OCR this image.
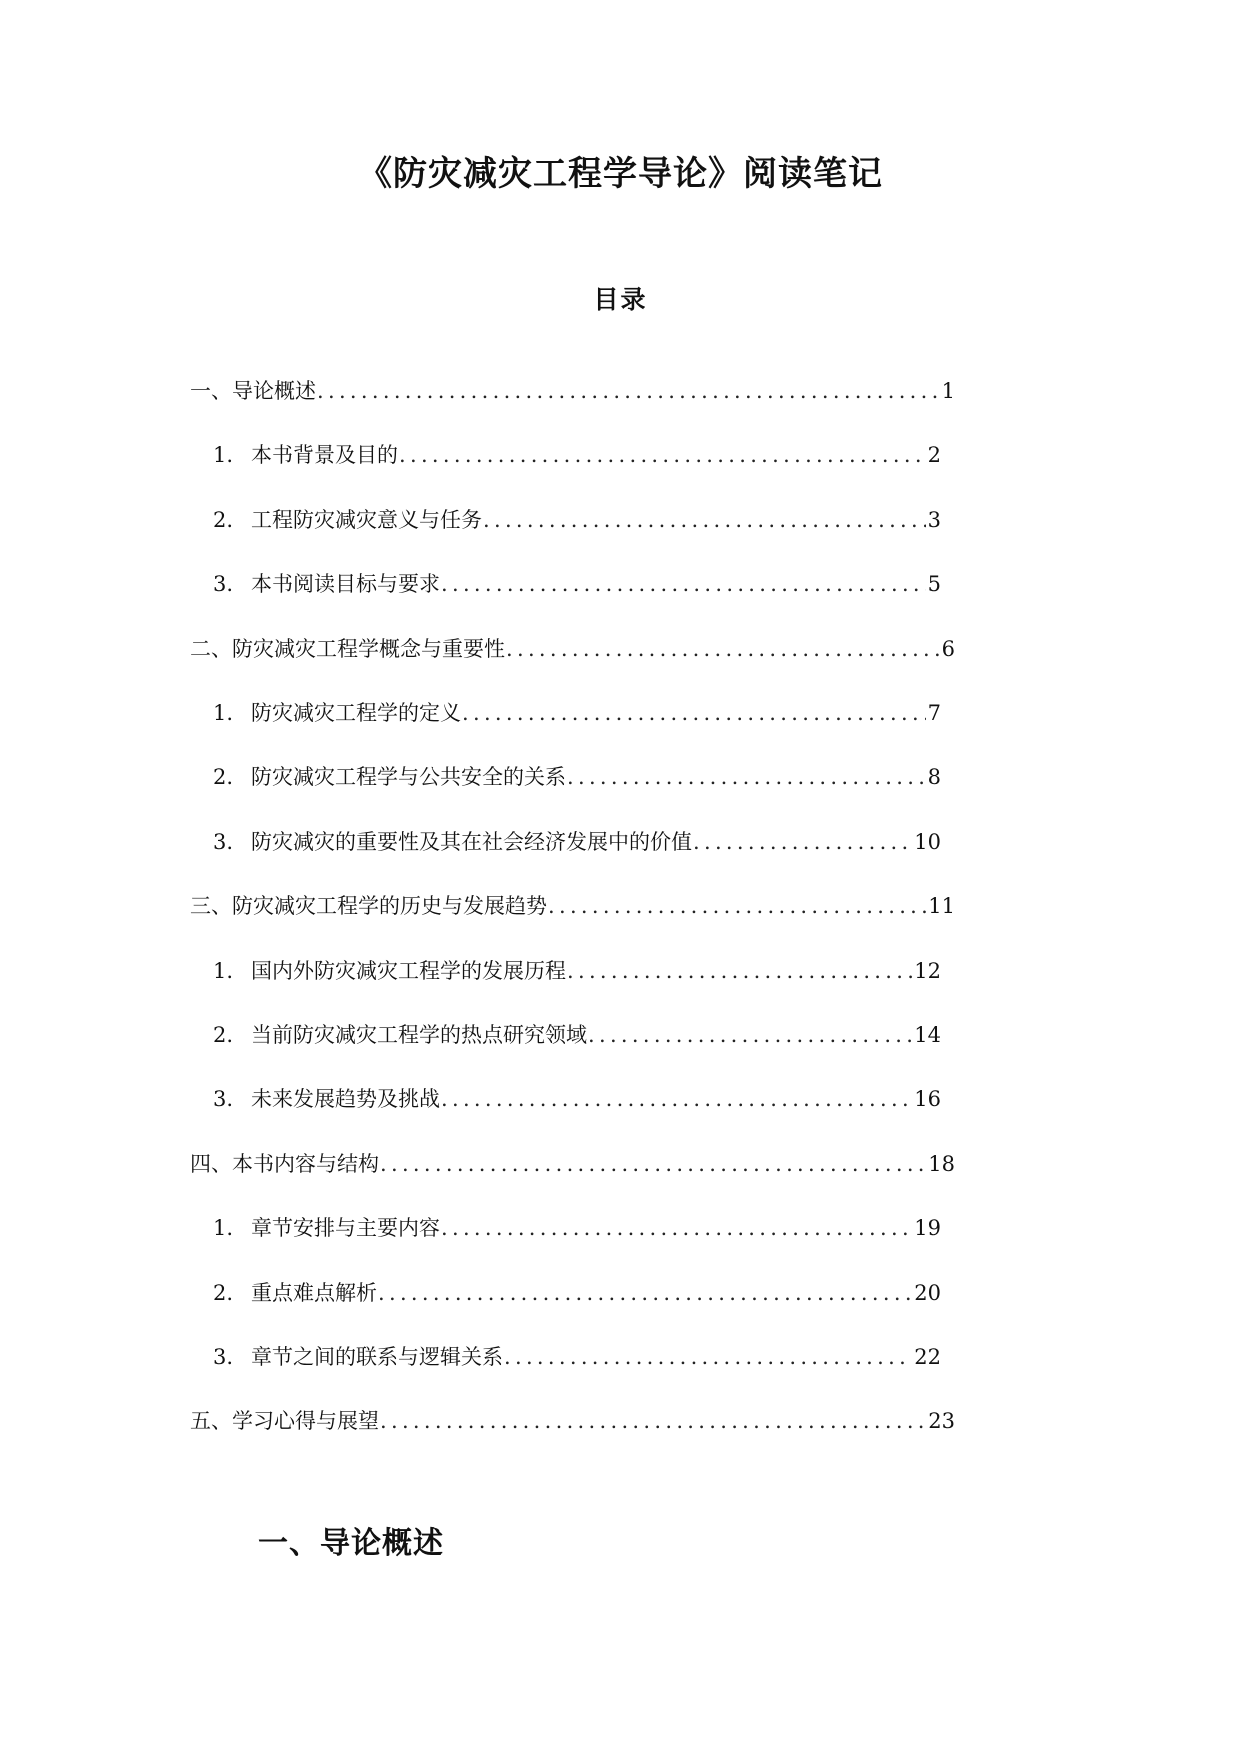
《防灾减灾工程学导论》阅读笔记
目录
一、导论概述 .....	1
1. 本书背景及目的 .....	2
2. 工程防灾减灾意义与任务 .....	3
3. 本书阅读目标与要求 .....	5
二、防灾减灾工程学概念与重要性 .....	6
1. 防灾减灾工程学的定义 .....	7
2. 防灾减灾工程学与公共安全的关系 .....	8
3. 防灾减灾的重要性及其在社会经济发展中的价值 .....	10
三、防灾减灾工程学的历史与发展趋势 .....	11
1. 国内外防灾减灾工程学的发展历程 .....	12
2. 当前防灾减灾工程学的热点研究领域 .....	14
3. 未来发展趋势及挑战 .....	16
四、本书内容与结构 .....	18
1. 章节安排与主要内容 .....	19
2. 重点难点解析 .....	20
3. 章节之间的联系与逻辑关系 .....	22
五、学习心得与展望 .....	23
一、导论概述
